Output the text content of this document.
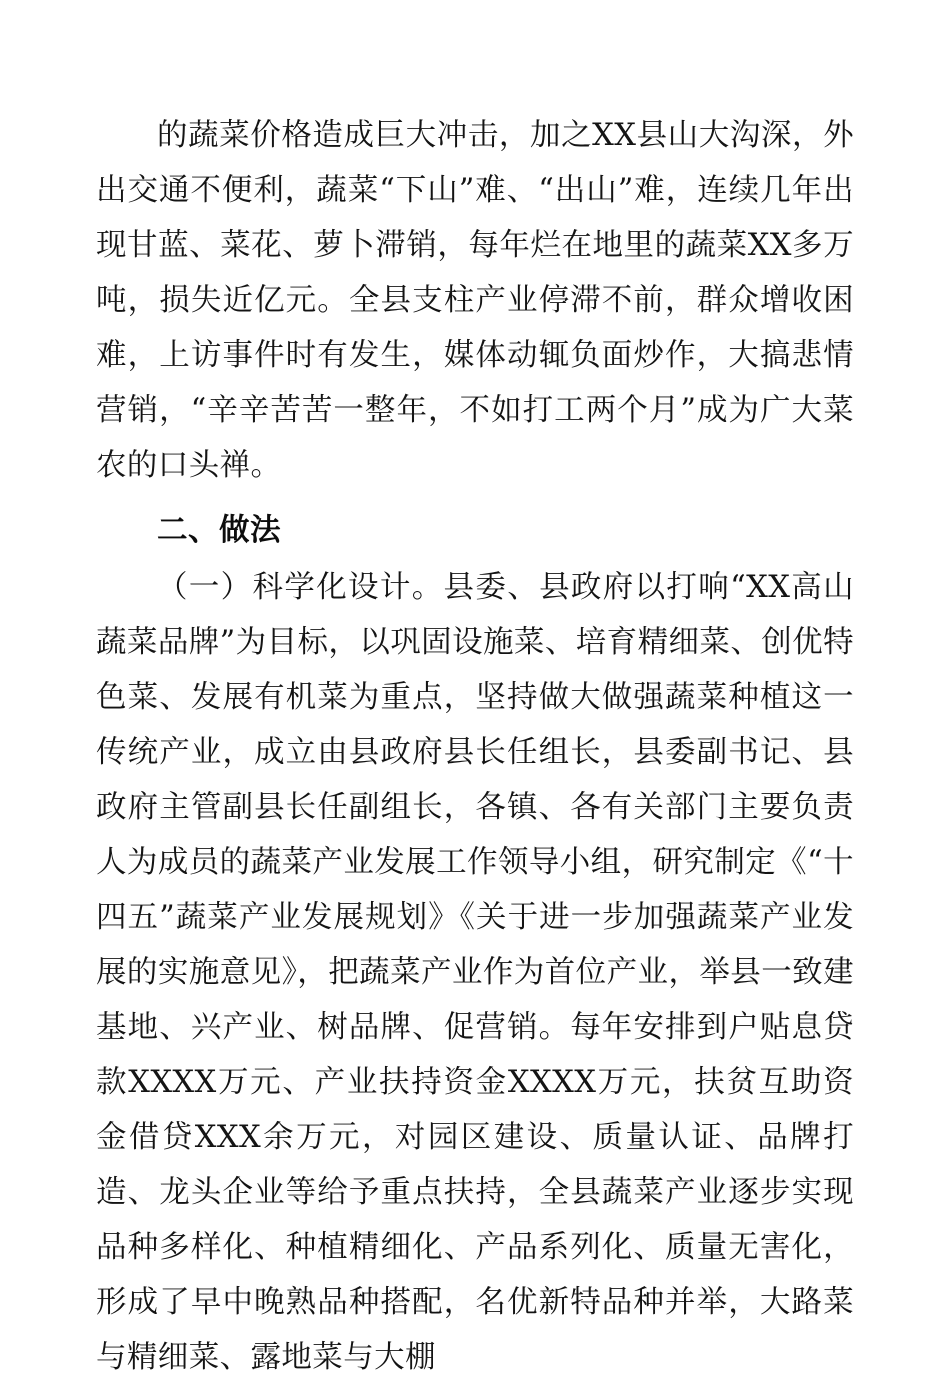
的蔬菜价格造成巨大冲击，加之XX县山大沟深，外出交通不便利，蔬菜“下山”难、“出山”难，连续几年出现甘蓝、菜花、萝卜滞销，每年烂在地里的蔬菜XX多万吨，损失近亿元。全县支柱产业停滞不前，群众增收困难，上访事件时有发生，媒体动辄负面炒作，大搞悲情营销，“辛辛苦苦一整年，不如打工两个月”成为广大菜农的口头禅。

二、做法

（一）科学化设计。县委、县政府以打响“XX高山蔬菜品牌”为目标，以巩固设施菜、培育精细菜、创优特色菜、发展有机菜为重点，坚持做大做强蔬菜种植这一传统产业，成立由县政府县长任组长，县委副书记、县政府主管副县长任副组长，各镇、各有关部门主要负责人为成员的蔬菜产业发展工作领导小组，研究制定《“十四五”蔬菜产业发展规划》《关于进一步加强蔬菜产业发展的实施意见》，把蔬菜产业作为首位产业，举县一致建基地、兴产业、树品牌、促营销。每年安排到户贴息贷款XXXX万元、产业扶持资金XXXX万元，扶贫互助资金借贷XXX余万元，对园区建设、质量认证、品牌打造、龙头企业等给予重点扶持，全县蔬菜产业逐步实现品种多样化、种植精细化、产品系列化、质量无害化，形成了早中晚熟品种搭配，名优新特品种并举，大路菜与精细菜、露地菜与大棚
